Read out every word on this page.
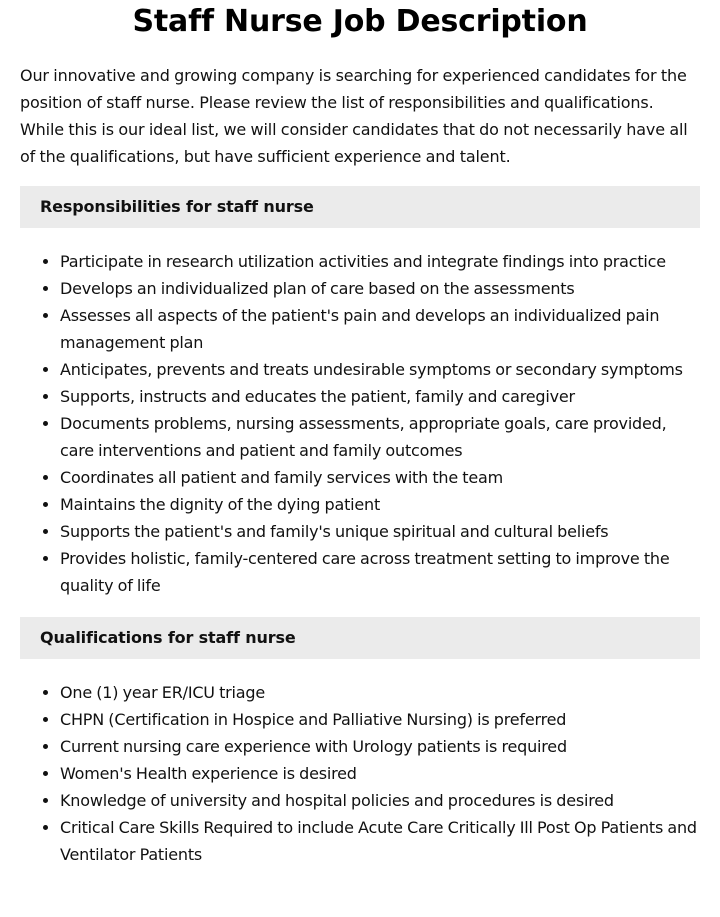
Staff Nurse Job Description

Our innovative and growing company is searching for experienced candidates for the position of staff nurse. Please review the list of responsibilities and qualifications. While this is our ideal list, we will consider candidates that do not necessarily have all of the qualifications, but have sufficient experience and talent.

Responsibilities for staff nurse
• Participate in research utilization activities and integrate findings into practice
• Develops an individualized plan of care based on the assessments
• Assesses all aspects of the patient's pain and develops an individualized pain management plan
• Anticipates, prevents and treats undesirable symptoms or secondary symptoms
• Supports, instructs and educates the patient, family and caregiver
• Documents problems, nursing assessments, appropriate goals, care provided, care interventions and patient and family outcomes
• Coordinates all patient and family services with the team
• Maintains the dignity of the dying patient
• Supports the patient's and family's unique spiritual and cultural beliefs
• Provides holistic, family-centered care across treatment setting to improve the quality of life
Qualifications for staff nurse
• One (1) year ER/ICU triage
• CHPN (Certification in Hospice and Palliative Nursing) is preferred
• Current nursing care experience with Urology patients is required
• Women's Health experience is desired
• Knowledge of university and hospital policies and procedures is desired
• Critical Care Skills Required to include Acute Care Critically Ill Post Op Patients and Ventilator Patients
